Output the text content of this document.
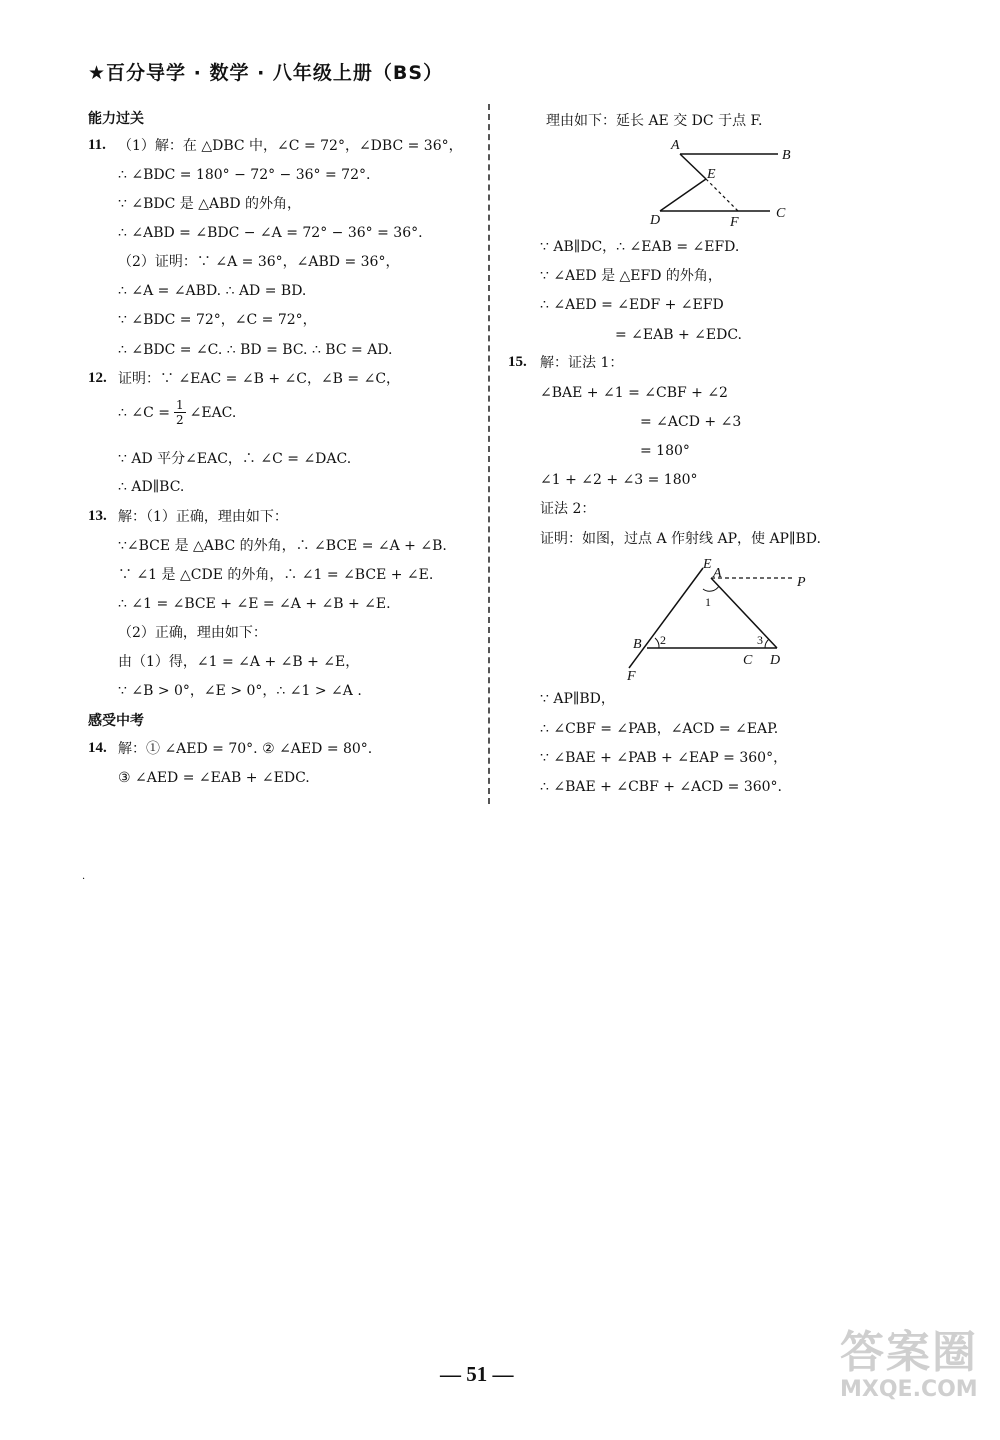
★百分导学 · 数学 · 八年级上册（BS）
能力过关
11. （1）解：在 △DBC 中，∠C = 72°，∠DBC = 36°，
∴ ∠BDC = 180° − 72° − 36° = 72°.
∵ ∠BDC 是 △ABD 的外角，
∴ ∠ABD = ∠BDC − ∠A = 72° − 36° = 36°.
（2）证明：∵ ∠A = 36°，∠ABD = 36°，
∴ ∠A = ∠ABD. ∴ AD = BD.
∵ ∠BDC = 72°，∠C = 72°，
∴ ∠BDC = ∠C. ∴ BD = BC. ∴ BC = AD.
12. 证明：∵ ∠EAC = ∠B + ∠C，∠B = ∠C，
∴ ∠C = $\frac{1}{2}$ ∠EAC.
∵ AD 平分∠EAC，∴ ∠C = ∠DAC.
∴ AD∥BC.
13. 解：（1）正确，理由如下：
∵∠BCE 是 △ABC 的外角，∴ ∠BCE = ∠A + ∠B.
∵ ∠1 是 △CDE 的外角，∴ ∠1 = ∠BCE + ∠E.
∴ ∠1 = ∠BCE + ∠E = ∠A + ∠B + ∠E.
（2）正确，理由如下：
由（1）得，∠1 = ∠A + ∠B + ∠E，
∵ ∠B > 0°，∠E > 0°，∴ ∠1 > ∠A .
感受中考
14. 解：① ∠AED = 70°. ② ∠AED = 80°.
③ ∠AED = ∠EAB + ∠EDC.
·
理由如下：延长 AE 交 DC 于点 F.
A
B
E
D	F
C
∵ AB∥DC，∴ ∠EAB = ∠EFD.
∵ ∠AED 是 △EFD 的外角，
∴ ∠AED = ∠EDF + ∠EFD
= ∠EAB + ∠EDC.
15. 解：证法 1：
∠BAE + ∠1 = ∠CBF + ∠2
= ∠ACD + ∠3
= 180°
∠1 + ∠2 + ∠3 = 180°
证法 2：
证明：如图，过点 A 作射线 AP，使 AP∥BD.
E
A
P
1
B 2	3
C D
F
∵ AP∥BD，
∴ ∠CBF = ∠PAB，∠ACD = ∠EAP.
∵ ∠BAE + ∠PAB + ∠EAP = 360°，
∴ ∠BAE + ∠CBF + ∠ACD = 360°.
— 51 —	答案圈
MXQE.COM
